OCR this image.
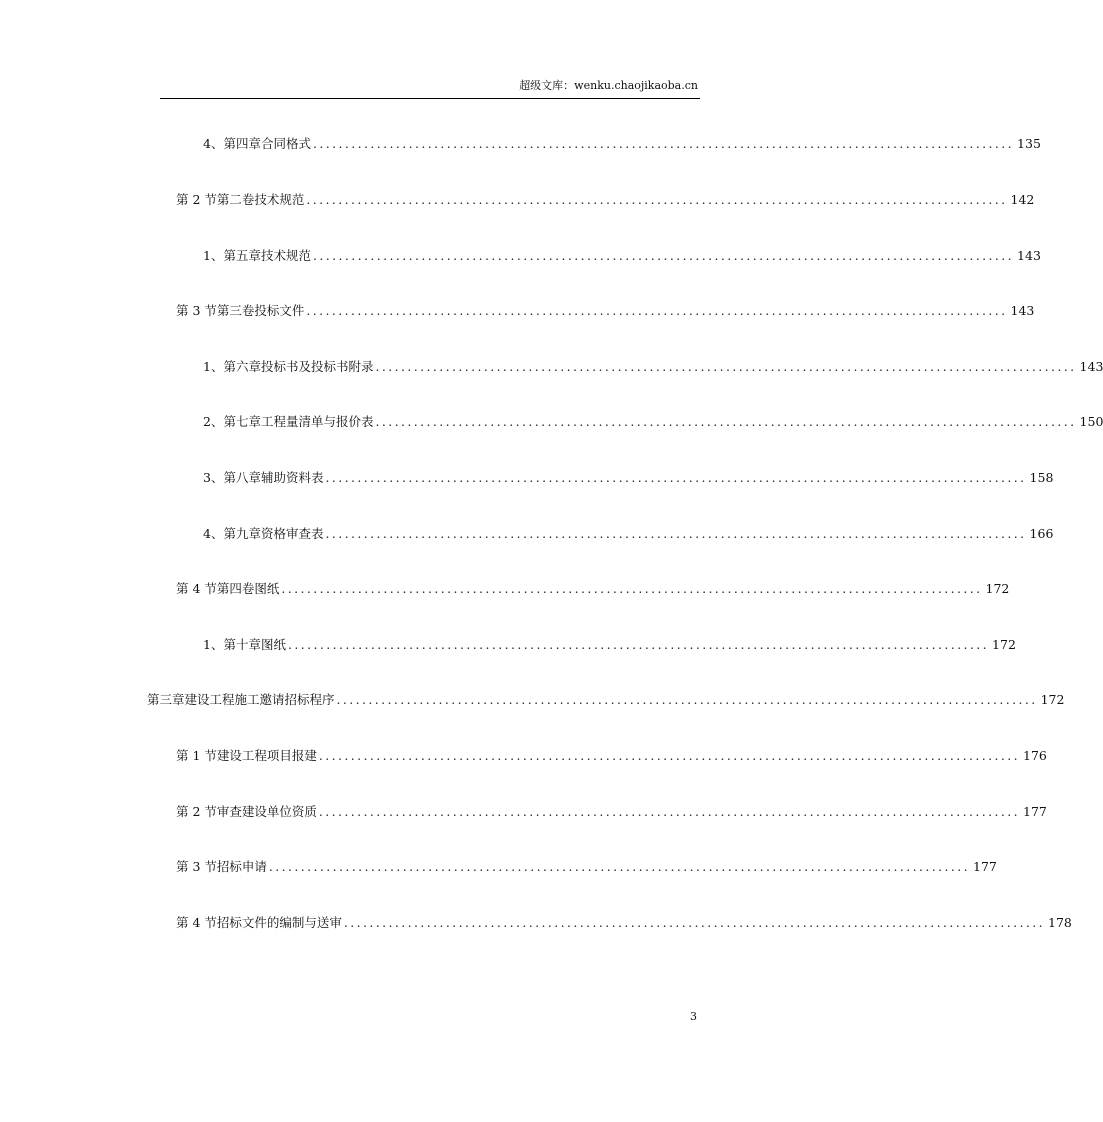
超级文库：wenku.chaojikaoba.cn
4、 第四章合同格式 .............................................................................................................. 135
第 2 节 第二卷技术规范 .............................................................................................................. 142
1、 第五章技术规范 .............................................................................................................. 143
第 3 节 第三卷投标文件 .............................................................................................................. 143
1、 第六章投标书及投标书附录 .............................................................................................................. 143
2、 第七章工程量清单与报价表 .............................................................................................................. 150
3、 第八章辅助资料表 .............................................................................................................. 158
4、 第九章资格审查表 .............................................................................................................. 166
第 4 节 第四卷图纸 .............................................................................................................. 172
1、 第十章图纸 .............................................................................................................. 172
第三章 建设工程施工邀请招标程序 .............................................................................................................. 172
第 1 节 建设工程项目报建 .............................................................................................................. 176
第 2 节 审查建设单位资质 .............................................................................................................. 177
第 3 节 招标申请 .............................................................................................................. 177
第 4 节 招标文件的编制与送审 .............................................................................................................. 178
3
